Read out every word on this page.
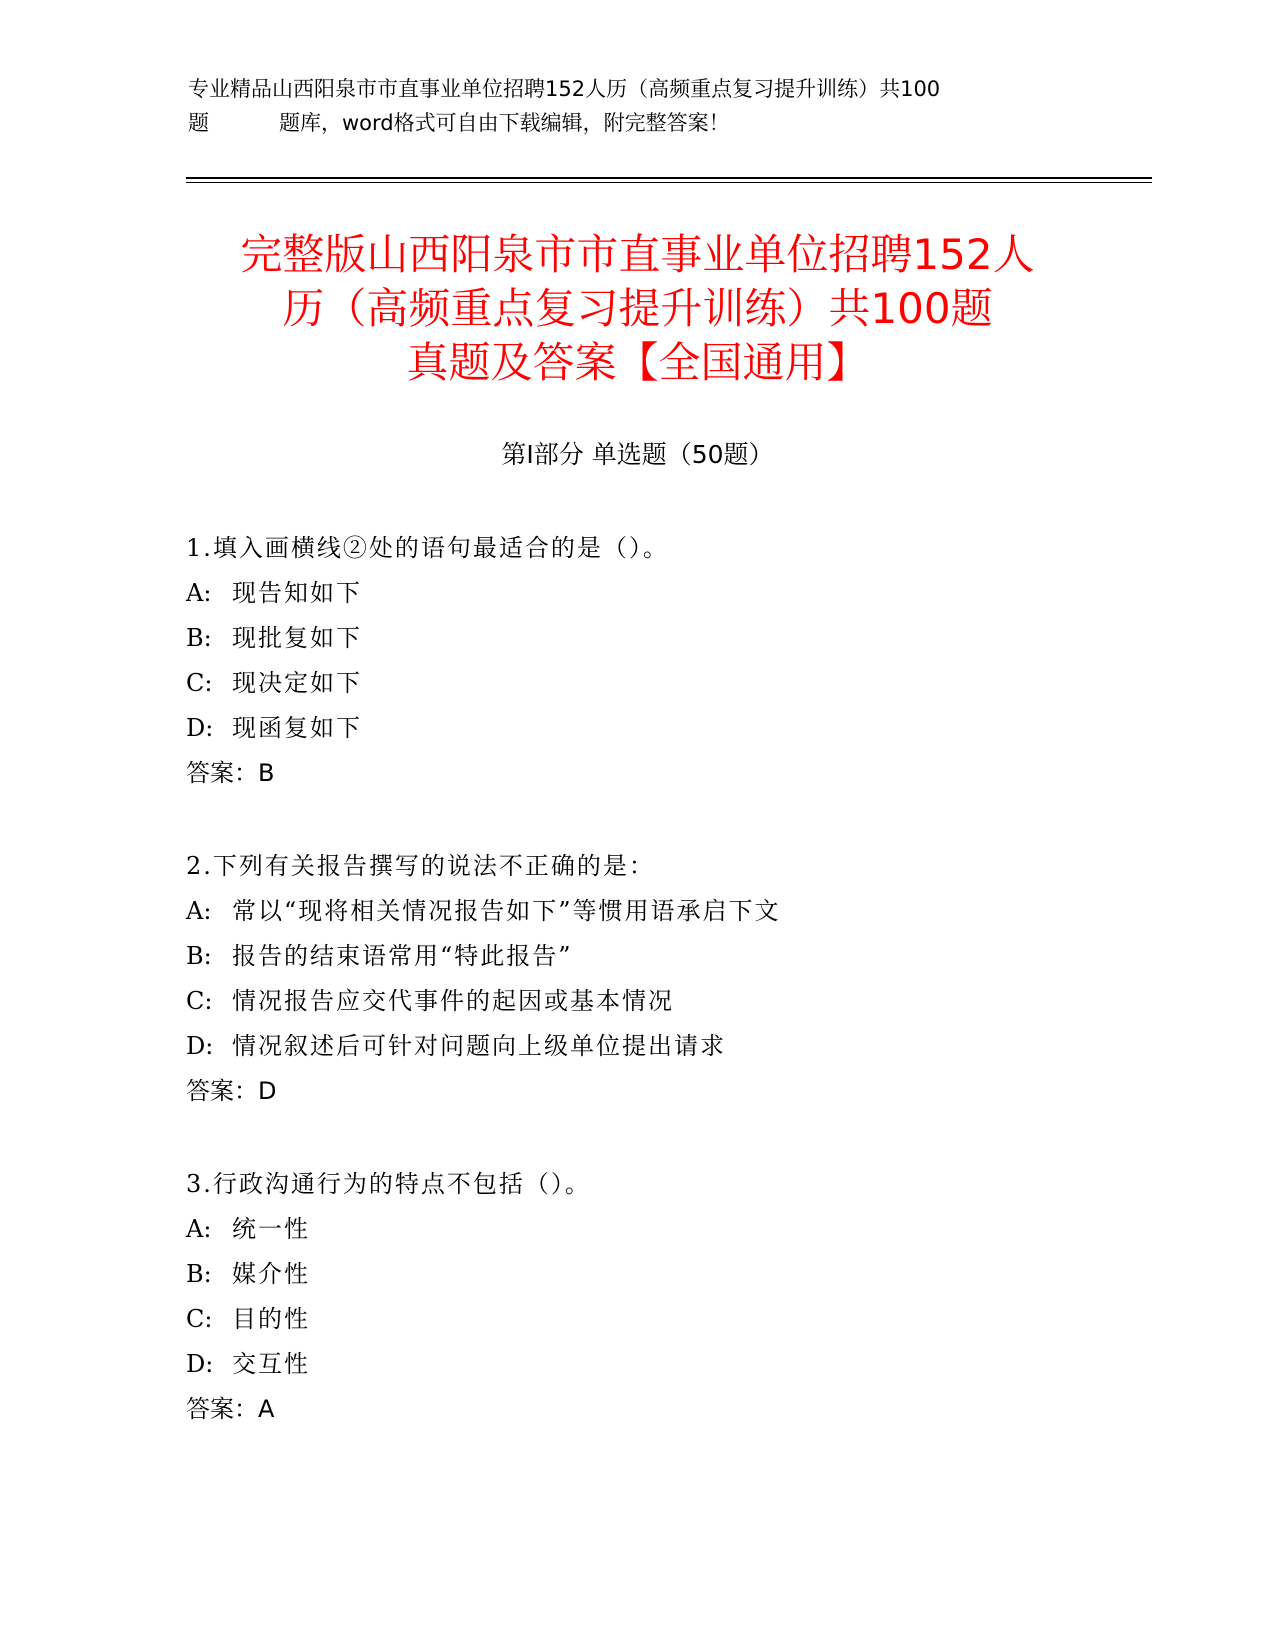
专业精品山西阳泉市市直事业单位招聘152人历（高频重点复习提升训练）共100
题	题库，word格式可自由下载编辑，附完整答案！
完整版山西阳泉市市直事业单位招聘152人
历（高频重点复习提升训练）共100题
真题及答案【全国通用】
第I部分 单选题（50题）
1.填入画横线②处的语句最适合的是（）。
A: 现告知如下
B: 现批复如下
C: 现决定如下
D: 现函复如下
答案：B
2.下列有关报告撰写的说法不正确的是：
A: 常以“现将相关情况报告如下”等惯用语承启下文
B: 报告的结束语常用“特此报告”
C: 情况报告应交代事件的起因或基本情况
D: 情况叙述后可针对问题向上级单位提出请求
答案：D
3.行政沟通行为的特点不包括（）。
A: 统一性
B: 媒介性
C: 目的性
D: 交互性
答案：A
